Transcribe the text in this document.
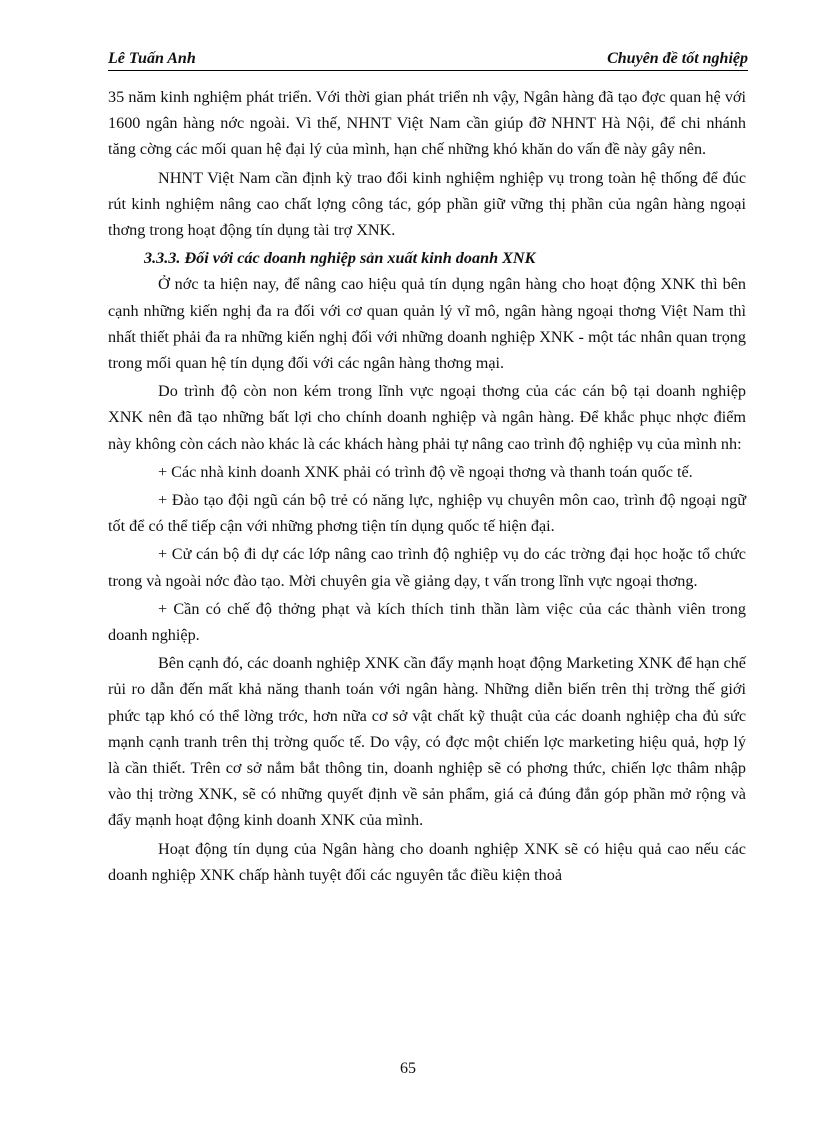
Lê Tuấn Anh	Chuyên đề tốt nghiệp

35 năm kinh nghiệm phát triển. Với thời gian phát triển nh vậy, Ngân hàng đã tạo đợc quan hệ với 1600 ngân hàng nớc ngoài. Vì thế, NHNT Việt Nam cần giúp đỡ NHNT Hà Nội, để chi nhánh tăng cờng các mối quan hệ đại lý của mình, hạn chế những khó khăn do vấn đề này gây nên.

NHNT Việt Nam cần định kỳ trao đổi kinh nghiệm nghiệp vụ trong toàn hệ thống để đúc rút kinh nghiệm nâng cao chất lợng công tác, góp phần giữ vững thị phần của ngân hàng ngoại thơng trong hoạt động tín dụng tài trợ XNK.

3.3.3. Đối với các doanh nghiệp sản xuất kinh doanh XNK

Ở nớc ta hiện nay, để nâng cao hiệu quả tín dụng ngân hàng cho hoạt động XNK thì bên cạnh những kiến nghị đa ra đối với cơ quan quản lý vĩ mô, ngân hàng ngoại thơng Việt Nam thì nhất thiết phải đa ra những kiến nghị đối với những doanh nghiệp XNK - một tác nhân quan trọng trong mối quan hệ tín dụng đối với các ngân hàng thơng mại.

Do trình độ còn non kém trong lĩnh vực ngoại thơng của các cán bộ tại doanh nghiệp XNK nên đã tạo những bất lợi cho chính doanh nghiệp và ngân hàng. Để khắc phục nhợc điểm này không còn cách nào khác là các khách hàng phải tự nâng cao trình độ nghiệp vụ của mình nh:

+ Các nhà kinh doanh XNK phải có trình độ về ngoại thơng và thanh toán quốc tế.

+ Đào tạo đội ngũ cán bộ trẻ có năng lực, nghiệp vụ chuyên môn cao, trình độ ngoại ngữ tốt để có thể tiếp cận với những phơng tiện tín dụng quốc tế hiện đại.

+ Cử cán bộ đi dự các lớp nâng cao trình độ nghiệp vụ do các trờng đại học hoặc tổ chức trong và ngoài nớc đào tạo. Mời chuyên gia về giảng dạy, t vấn trong lĩnh vực ngoại thơng.

+ Cần có chế độ thởng phạt và kích thích tinh thần làm việc của các thành viên trong doanh nghiệp.

Bên cạnh đó, các doanh nghiệp XNK cần đẩy mạnh hoạt động Marketing XNK để hạn chế rủi ro dẫn đến mất khả năng thanh toán với ngân hàng. Những diễn biến trên thị trờng thế giới phức tạp khó có thể lờng trớc, hơn nữa cơ sở vật chất kỹ thuật của các doanh nghiệp cha đủ sức mạnh cạnh tranh trên thị trờng quốc tế. Do vậy, có đợc một chiến lợc marketing hiệu quả, hợp lý là cần thiết. Trên cơ sở nắm bắt thông tin, doanh nghiệp sẽ có phơng thức, chiến lợc thâm nhập vào thị trờng XNK, sẽ có những quyết định về sản phẩm, giá cả đúng đắn góp phần mở rộng và đẩy mạnh hoạt động kinh doanh XNK của mình.

Hoạt động tín dụng của Ngân hàng cho doanh nghiệp XNK sẽ có hiệu quả cao nếu các doanh nghiệp XNK chấp hành tuyệt đối các nguyên tắc điều kiện thoả

65
